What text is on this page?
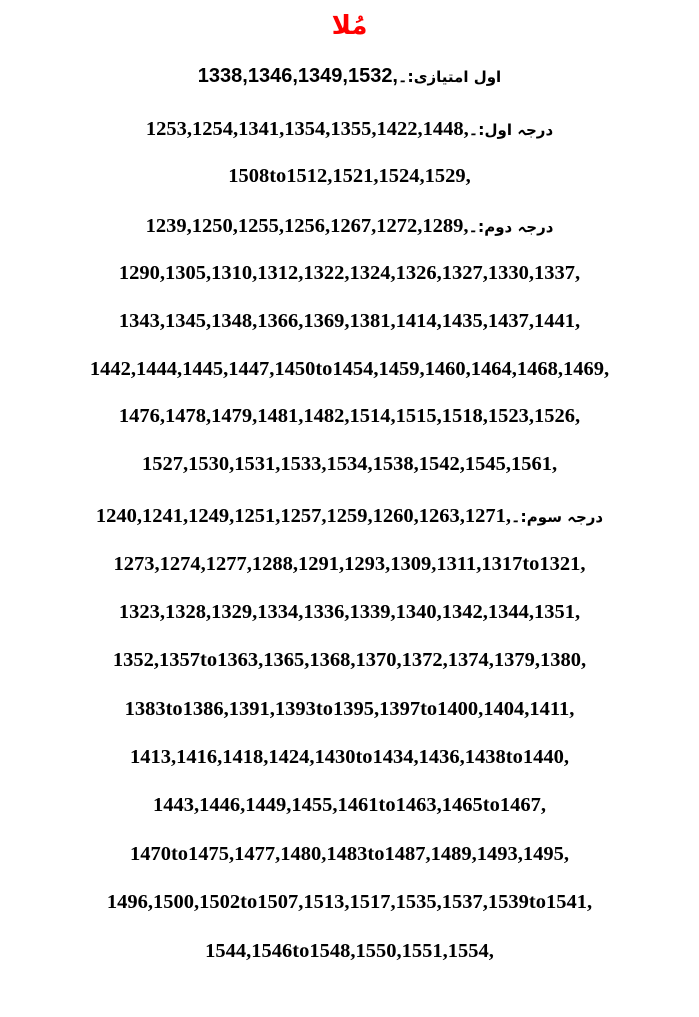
مُلا
1338,1346,1349,1532,:۔اول امتیازی
1253,1254,1341,1354,1355,1422,1448,:۔درجہ اول
1508to1512,1521,1524,1529,
1239,1250,1255,1256,1267,1272,1289,:۔درجہ دوم
1290,1305,1310,1312,1322,1324,1326,1327,1330,1337,
1343,1345,1348,1366,1369,1381,1414,1435,1437,1441,
1442,1444,1445,1447,1450to1454,1459,1460,1464,1468,1469,
1476,1478,1479,1481,1482,1514,1515,1518,1523,1526,
1527,1530,1531,1533,1534,1538,1542,1545,1561,
1240,1241,1249,1251,1257,1259,1260,1263,1271,:۔درجہ سوم
1273,1274,1277,1288,1291,1293,1309,1311,1317to1321,
1323,1328,1329,1334,1336,1339,1340,1342,1344,1351,
1352,1357to1363,1365,1368,1370,1372,1374,1379,1380,
1383to1386,1391,1393to1395,1397to1400,1404,1411,
1413,1416,1418,1424,1430to1434,1436,1438to1440,
1443,1446,1449,1455,1461to1463,1465to1467,
1470to1475,1477,1480,1483to1487,1489,1493,1495,
1496,1500,1502to1507,1513,1517,1535,1537,1539to1541,
1544,1546to1548,1550,1551,1554,
